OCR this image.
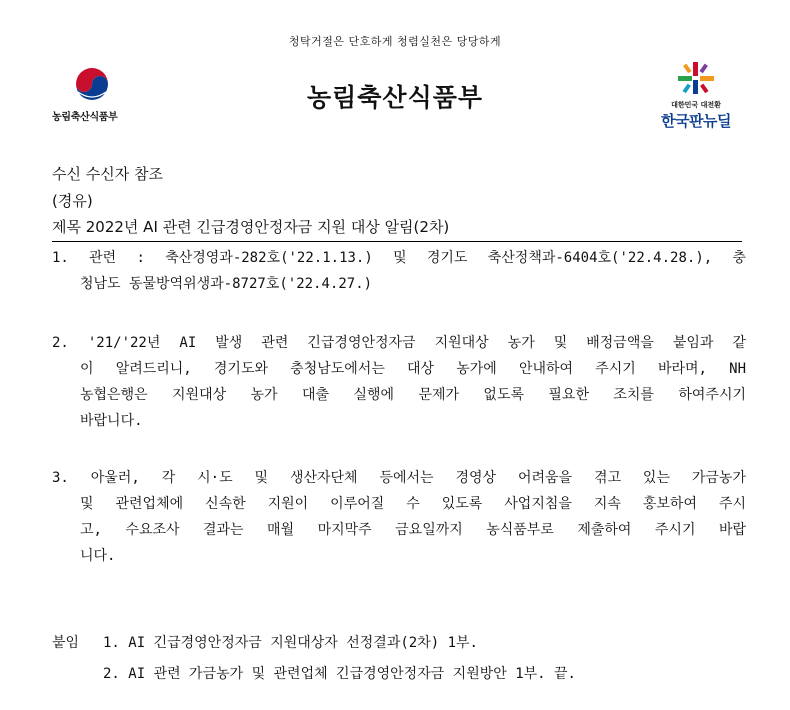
청탁거절은 단호하게 청렴실천은 당당하게
농림축산식품부
농림축산식품부	대한민국 대전환
한국판뉴딜
수신 수신자 참조
(경유)
제목 2022년 AI 관련 긴급경영안정자금 지원 대상 알림(2차)
1. 관련 : 축산경영과-282호('22.1.13.) 및 경기도 축산정책과-6404호('22.4.28.), 충
청남도 동물방역위생과-8727호('22.4.27.)
2. '21/'22년 AI 발생 관련 긴급경영안정자금 지원대상 농가 및 배정금액을 붙임과 같
이 알려드리니, 경기도와 충청남도에서는 대상 농가에 안내하여 주시기 바라며, NH
농협은행은 지원대상 농가 대출 실행에 문제가 없도록 필요한 조치를 하여주시기
바랍니다.
3. 아울러, 각 시·도 및 생산자단체 등에서는 경영상 어려움을 겪고 있는 가금농가
및 관련업체에 신속한 지원이 이루어질 수 있도록 사업지침을 지속 홍보하여 주시
고, 수요조사 결과는 매월 마지막주 금요일까지 농식품부로 제출하여 주시기 바랍
니다.
붙임 1. AI 긴급경영안정자금 지원대상자 선정결과(2차) 1부.
2. AI 관련 가금농가 및 관련업체 긴급경영안정자금 지원방안 1부. 끝.
